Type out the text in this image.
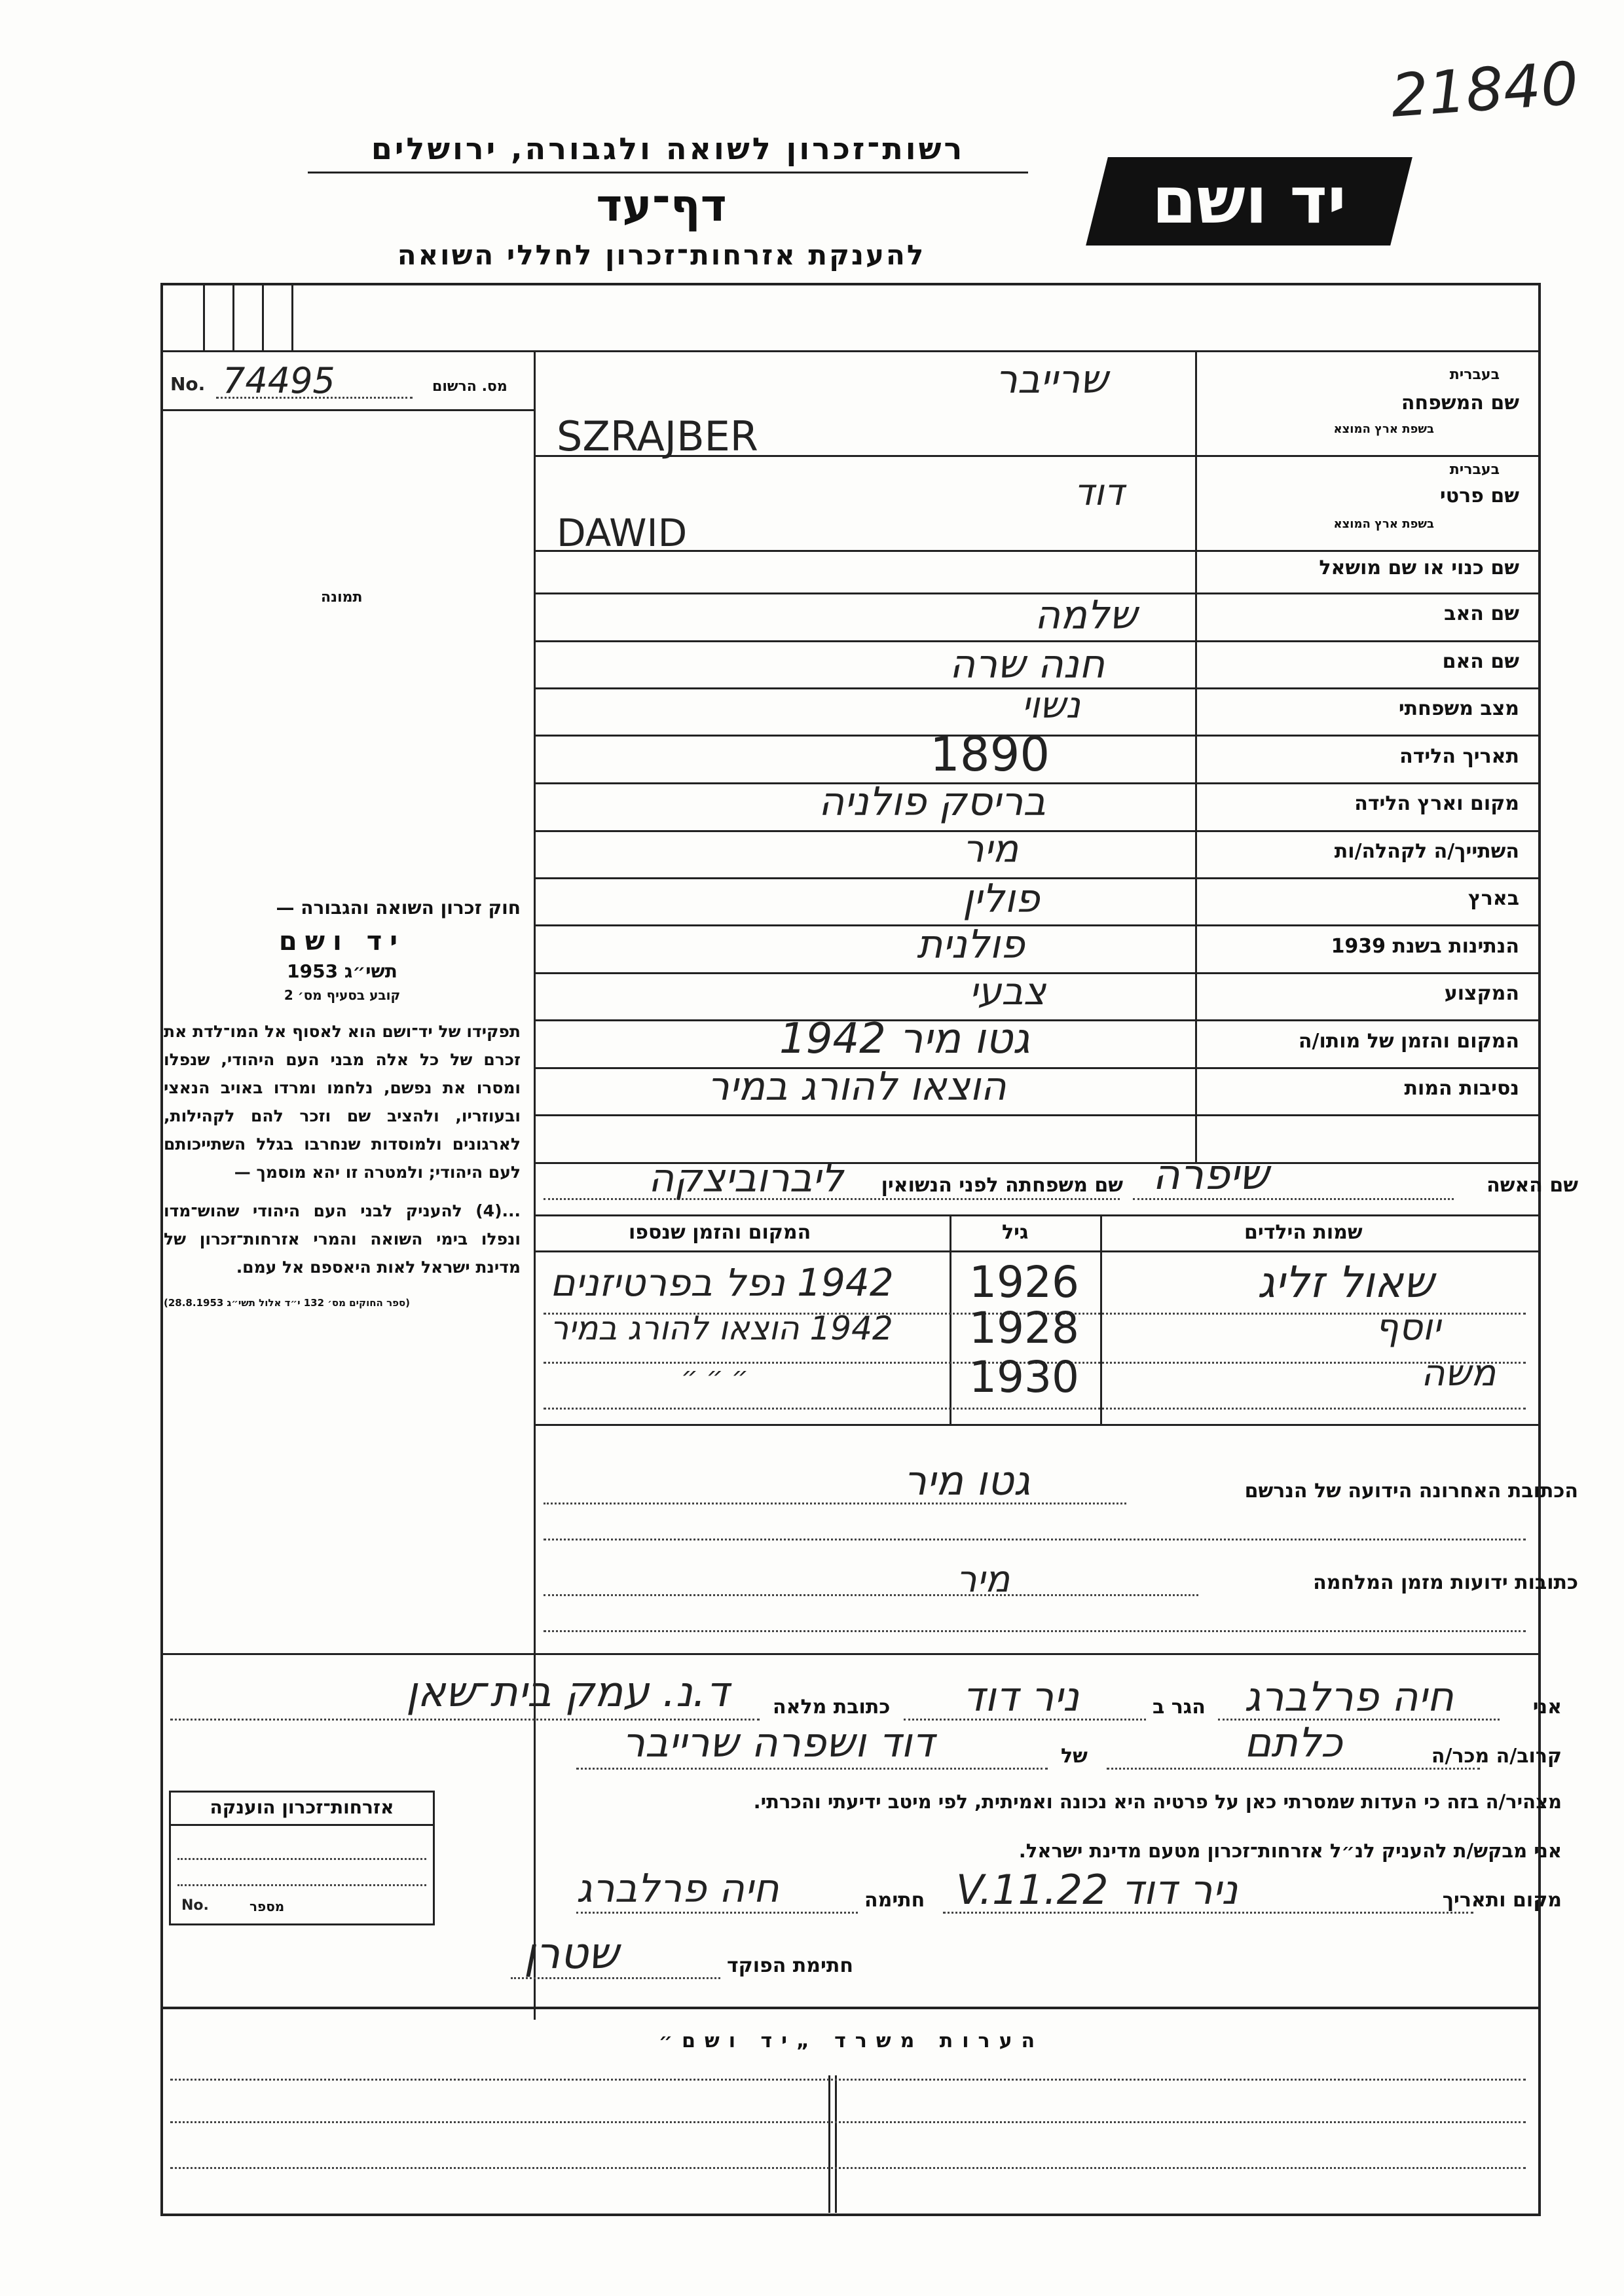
21840
רשות־זכרון לשואה ולגבורה, ירושלים
דף־עד
להענקת אזרחות־זכרון לחללי השואה
יד ושם
No. 74495	מס. הרשום
תמונה
שם המשפחה
בעברית
בשפת ארץ המוצא
שרייבר
SZRAJBER
שם פרטי
בעברית
בשפת ארץ המוצא
דוד
DAWID
שם כנוי או שם מושאל
שם האב
שלמה
שם האם
חנה שרה
מצב משפחתי
נשוי
תאריך הלידה
1890
מקום וארץ הלידה
בריסק פולניה
השתייך/ה לקהלה/ות
מיר
בארץ
פולין
הנתינות בשנת 1939
פולנית
המקצוע
צבעי
המקום והזמן של מותו/ה
גטו מיר 1942
נסיבות המות
הוצאו להורג במיר
חוק זכרון השואה והגבורה —
יד ושם
תשי״ג 1953
קובע בסעיף מס׳ 2
תפקידו של יד־ושם הוא לאסוף אל המו־לדת את זכרם של כל אלה מבני העם היהודי, שנפלו ומסרו את נפשם, נלחמו ומרדו באויב הנאצי ובעוזריו, ולהציב שם וזכר להם לקהילות, לארגונים ולמוסדות שנחרבו בגלל השתייכותם לעם היהודי; ולמטרה זו יהא מוסמך —
...(4) להעניק לבני העם היהודי שהוש־מדו ונפלו בימי השואה והמרי אזרחות־זכרון של מדינת ישראל לאות היאספם אל עמם.
(ספר החוקים מס׳ 132 י״ד אלול תשי״ג 28.8.1953)
שם האשה
שיפרה
שם משפחתה לפני הנשואין
ליברוביצקה
שמות הילדים
גיל
המקום והזמן שנספו
שאול זליג
1926
1942 נפל בפרטיזנים
יוסף
1928
1942 הוצאו להורג במיר
משה
1930
״ ״ ״
הכתובת האחרונה הידועה של הנרשם
גטו מיר
כתובות ידועות מזמן המלחמה
מיר
אני
חיה פרלברג
הגר ב
ניר דוד
כתובת מלאה
ד.נ. עמק בית־שאן
קרוב/ה מכר/ה
כלתם
של
דוד ושפרה שרייבר
מצהיר/ה בזה כי העדות שמסרתי כאן על פרטיה היא נכונה ואמיתית, לפי מיטב ידיעתי והכרתי.
אני מבקש/ת להעניק לנ״ל אזרחות־זכרון מטעם מדינת ישראל.
מקום ותאריך
ניר דוד 22.V.11
חתימה
חיה פרלברג
חתימת הפוקד
שטרן
אזרחות־זכרון הוענקה
No.	מספר
הערות משרד „יד ושם״
